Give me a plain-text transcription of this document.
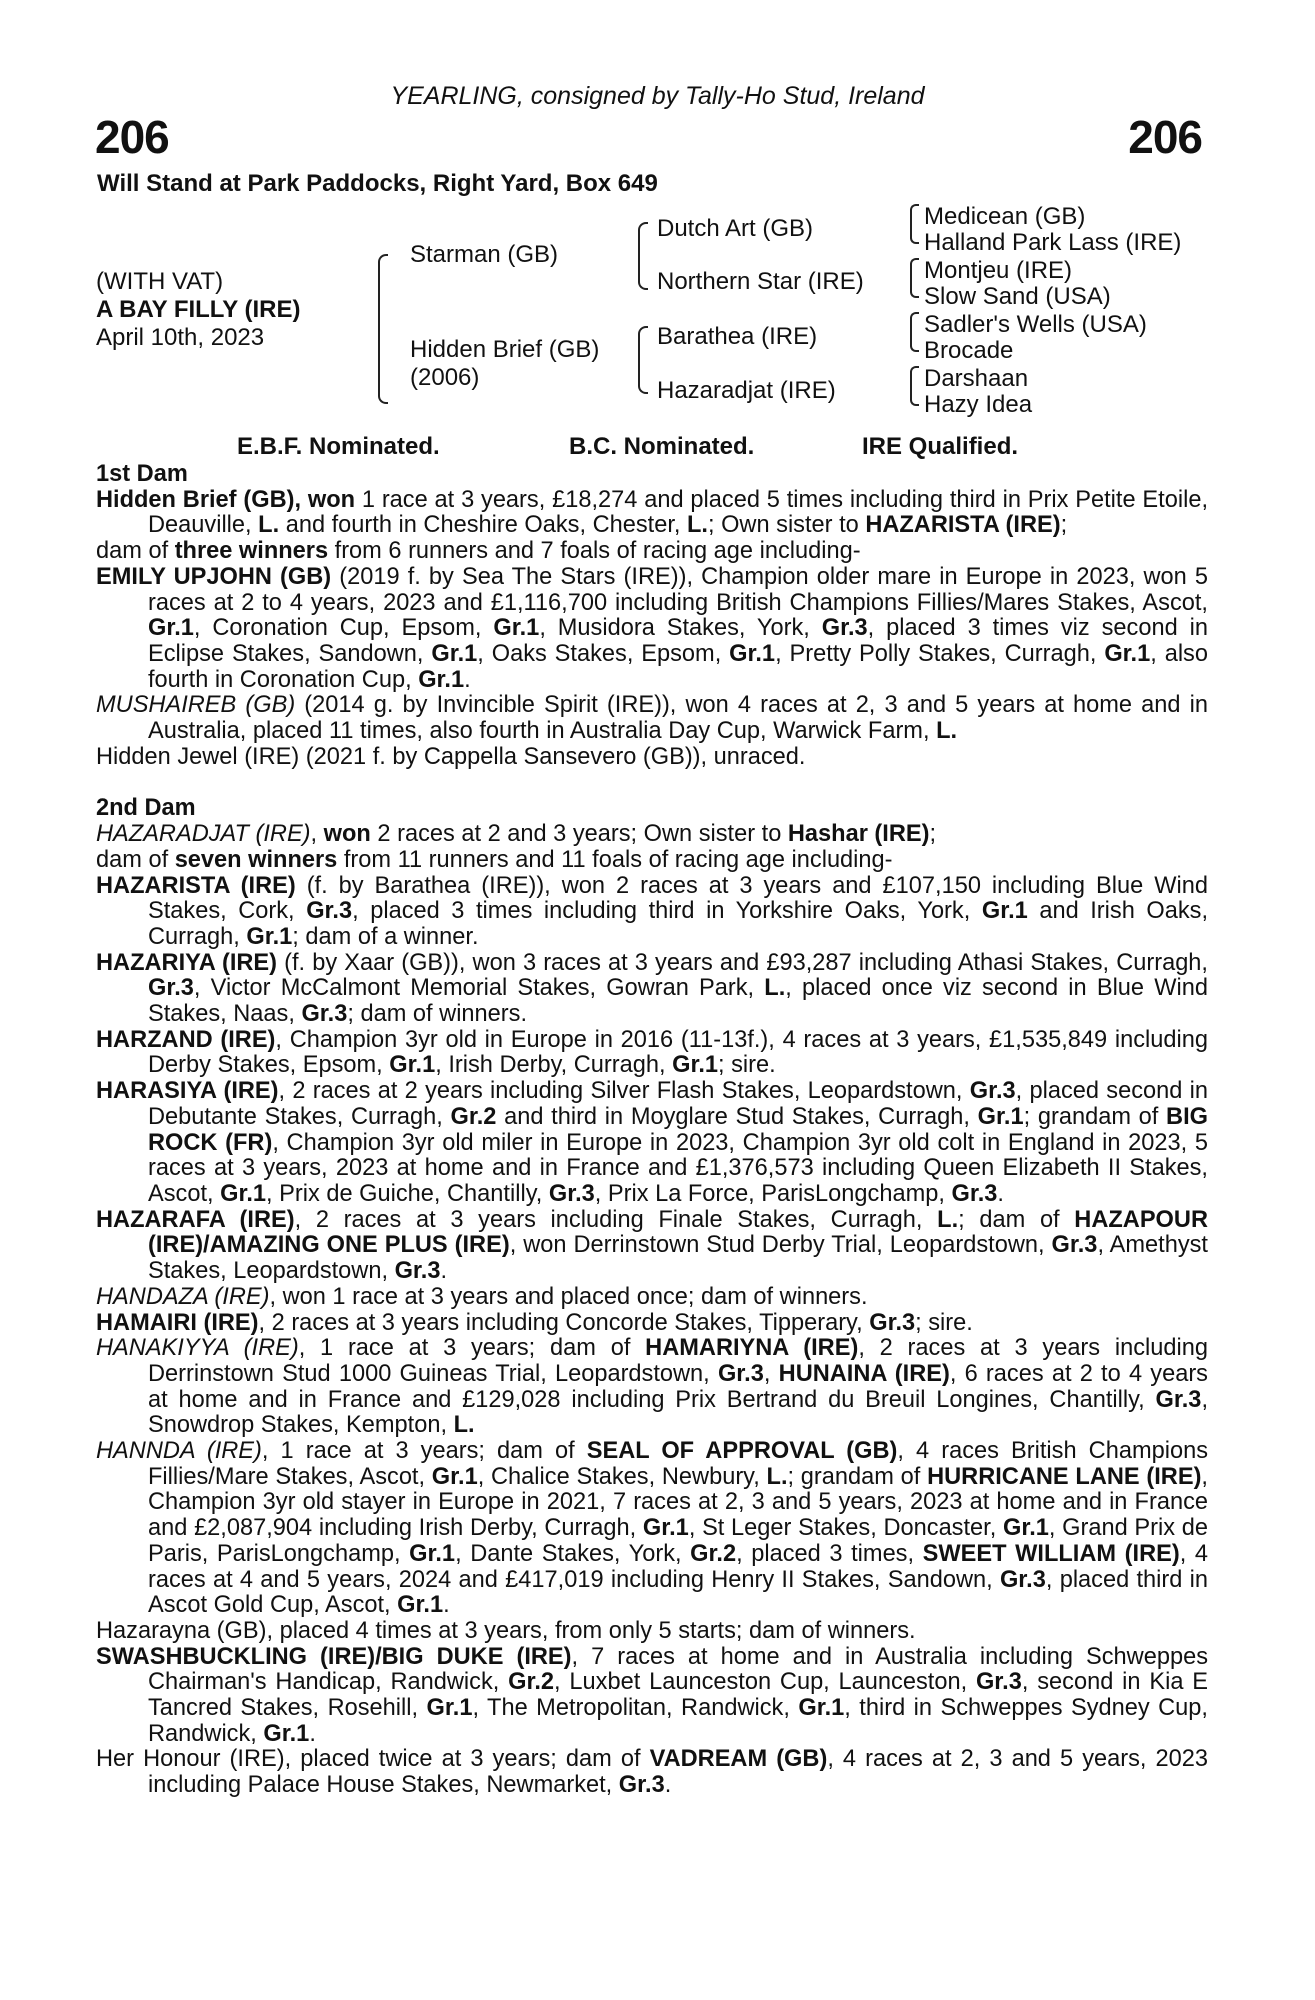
YEARLING, consigned by Tally-Ho Stud, Ireland
206	206
Will Stand at Park Paddocks, Right Yard, Box 649
(WITH VAT)
A BAY FILLY (IRE)
April 10th, 2023
Starman (GB)
Hidden Brief (GB)
(2006)
Dutch Art (GB)
Northern Star (IRE)
Barathea (IRE)
Hazaradjat (IRE)
Medicean (GB)
Halland Park Lass (IRE)
Montjeu (IRE)
Slow Sand (USA)
Sadler's Wells (USA)
Brocade
Darshaan
Hazy Idea
E.B.F. Nominated.	B.C. Nominated.	IRE Qualified.

1st Dam

Hidden Brief (GB), won 1 race at 3 years, £18,274 and placed 5 times including third in Prix Petite Etoile, Deauville, L. and fourth in Cheshire Oaks, Chester, L.; Own sister to HAZARISTA (IRE);

dam of three winners from 6 runners and 7 foals of racing age including-

EMILY UPJOHN (GB) (2019 f. by Sea The Stars (IRE)), Champion older mare in Europe in 2023, won 5 races at 2 to 4 years, 2023 and £1,116,700 including British Champions Fillies/Mares Stakes, Ascot, Gr.1, Coronation Cup, Epsom, Gr.1, Musidora Stakes, York, Gr.3, placed 3 times viz second in Eclipse Stakes, Sandown, Gr.1, Oaks Stakes, Epsom, Gr.1, Pretty Polly Stakes, Curragh, Gr.1, also fourth in Coronation Cup, Gr.1.

MUSHAIREB (GB) (2014 g. by Invincible Spirit (IRE)), won 4 races at 2, 3 and 5 years at home and in Australia, placed 11 times, also fourth in Australia Day Cup, Warwick Farm, L.

Hidden Jewel (IRE) (2021 f. by Cappella Sansevero (GB)), unraced.

2nd Dam

HAZARADJAT (IRE), won 2 races at 2 and 3 years; Own sister to Hashar (IRE);

dam of seven winners from 11 runners and 11 foals of racing age including-

HAZARISTA (IRE) (f. by Barathea (IRE)), won 2 races at 3 years and £107,150 including Blue Wind Stakes, Cork, Gr.3, placed 3 times including third in Yorkshire Oaks, York, Gr.1 and Irish Oaks, Curragh, Gr.1; dam of a winner.

HAZARIYA (IRE) (f. by Xaar (GB)), won 3 races at 3 years and £93,287 including Athasi Stakes, Curragh, Gr.3, Victor McCalmont Memorial Stakes, Gowran Park, L., placed once viz second in Blue Wind Stakes, Naas, Gr.3; dam of winners.

HARZAND (IRE), Champion 3yr old in Europe in 2016 (11-13f.), 4 races at 3 years, £1,535,849 including Derby Stakes, Epsom, Gr.1, Irish Derby, Curragh, Gr.1; sire.

HARASIYA (IRE), 2 races at 2 years including Silver Flash Stakes, Leopardstown, Gr.3, placed second in Debutante Stakes, Curragh, Gr.2 and third in Moyglare Stud Stakes, Curragh, Gr.1; grandam of BIG ROCK (FR), Champion 3yr old miler in Europe in 2023, Champion 3yr old colt in England in 2023, 5 races at 3 years, 2023 at home and in France and £1,376,573 including Queen Elizabeth II Stakes, Ascot, Gr.1, Prix de Guiche, Chantilly, Gr.3, Prix La Force, ParisLongchamp, Gr.3.

HAZARAFA (IRE), 2 races at 3 years including Finale Stakes, Curragh, L.; dam of HAZAPOUR (IRE)/AMAZING ONE PLUS (IRE), won Derrinstown Stud Derby Trial, Leopardstown, Gr.3, Amethyst Stakes, Leopardstown, Gr.3.

HANDAZA (IRE), won 1 race at 3 years and placed once; dam of winners.

HAMAIRI (IRE), 2 races at 3 years including Concorde Stakes, Tipperary, Gr.3; sire.

HANAKIYYA (IRE), 1 race at 3 years; dam of HAMARIYNA (IRE), 2 races at 3 years including Derrinstown Stud 1000 Guineas Trial, Leopardstown, Gr.3, HUNAINA (IRE), 6 races at 2 to 4 years at home and in France and £129,028 including Prix Bertrand du Breuil Longines, Chantilly, Gr.3, Snowdrop Stakes, Kempton, L.

HANNDA (IRE), 1 race at 3 years; dam of SEAL OF APPROVAL (GB), 4 races British Champions Fillies/Mare Stakes, Ascot, Gr.1, Chalice Stakes, Newbury, L.; grandam of HURRICANE LANE (IRE), Champion 3yr old stayer in Europe in 2021, 7 races at 2, 3 and 5 years, 2023 at home and in France and £2,087,904 including Irish Derby, Curragh, Gr.1, St Leger Stakes, Doncaster, Gr.1, Grand Prix de Paris, ParisLongchamp, Gr.1, Dante Stakes, York, Gr.2, placed 3 times, SWEET WILLIAM (IRE), 4 races at 4 and 5 years, 2024 and £417,019 including Henry II Stakes, Sandown, Gr.3, placed third in Ascot Gold Cup, Ascot, Gr.1.

Hazarayna (GB), placed 4 times at 3 years, from only 5 starts; dam of winners.

SWASHBUCKLING (IRE)/BIG DUKE (IRE), 7 races at home and in Australia including Schweppes Chairman's Handicap, Randwick, Gr.2, Luxbet Launceston Cup, Launceston, Gr.3, second in Kia E Tancred Stakes, Rosehill, Gr.1, The Metropolitan, Randwick, Gr.1, third in Schweppes Sydney Cup, Randwick, Gr.1.

Her Honour (IRE), placed twice at 3 years; dam of VADREAM (GB), 4 races at 2, 3 and 5 years, 2023 including Palace House Stakes, Newmarket, Gr.3.
